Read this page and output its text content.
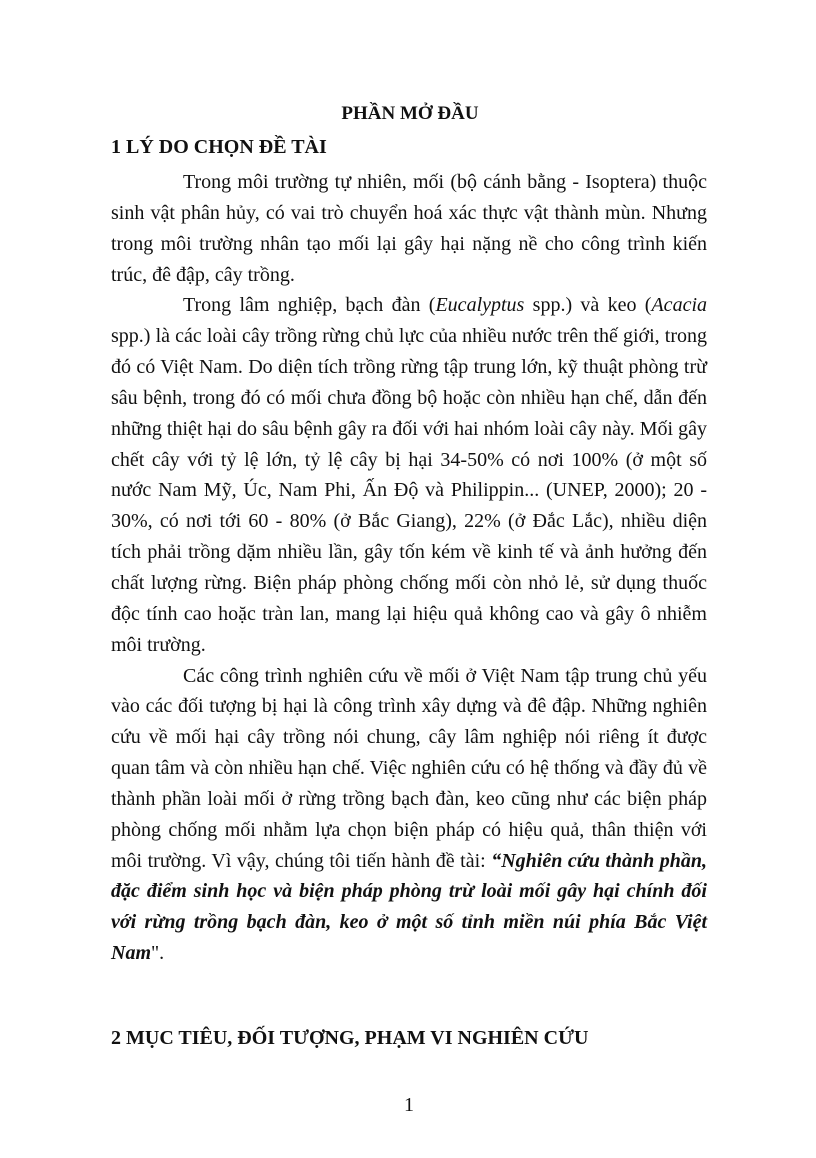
PHẦN MỞ ĐẦU
1 LÝ DO CHỌN ĐỀ TÀI

Trong môi trường tự nhiên, mối (bộ cánh bằng - Isoptera) thuộc sinh vật phân hủy, có vai trò chuyển hoá xác thực vật thành mùn. Nhưng trong môi trường nhân tạo mối lại gây hại nặng nề cho công trình kiến trúc, đê đập, cây trồng.

Trong lâm nghiệp, bạch đàn (Eucalyptus spp.) và keo (Acacia spp.) là các loài cây trồng rừng chủ lực của nhiều nước trên thế giới, trong đó có Việt Nam. Do diện tích trồng rừng tập trung lớn, kỹ thuật phòng trừ sâu bệnh, trong đó có mối chưa đồng bộ hoặc còn nhiều hạn chế, dẫn đến những thiệt hại do sâu bệnh gây ra đối với hai nhóm loài cây này. Mối gây chết cây với tỷ lệ lớn, tỷ lệ cây bị hại 34-50% có nơi 100% (ở một số nước Nam Mỹ, Úc, Nam Phi, Ấn Độ và Philippin... (UNEP, 2000); 20 - 30%, có nơi tới 60 - 80% (ở Bắc Giang), 22% (ở Đắc Lắc), nhiều diện tích phải trồng dặm nhiều lần, gây tốn kém về kinh tế và ảnh hưởng đến chất lượng rừng. Biện pháp phòng chống mối còn nhỏ lẻ, sử dụng thuốc độc tính cao hoặc tràn lan, mang lại hiệu quả không cao và gây ô nhiễm môi trường.

Các công trình nghiên cứu về mối ở Việt Nam tập trung chủ yếu vào các đối tượng bị hại là công trình xây dựng và đê đập. Những nghiên cứu về mối hại cây trồng nói chung, cây lâm nghiệp nói riêng ít được quan tâm và còn nhiều hạn chế. Việc nghiên cứu có hệ thống và đầy đủ về thành phần loài mối ở rừng trồng bạch đàn, keo cũng như các biện pháp phòng chống mối nhằm lựa chọn biện pháp có hiệu quả, thân thiện với môi trường. Vì vậy, chúng tôi tiến hành đề tài: “Nghiên cứu thành phần, đặc điểm sinh học và biện pháp phòng trừ loài mối gây hại chính đối với rừng trồng bạch đàn, keo ở một số tỉnh miền núi phía Bắc Việt Nam".

2 MỤC TIÊU, ĐỐI TƯỢNG, PHẠM VI NGHIÊN CỨU
1
